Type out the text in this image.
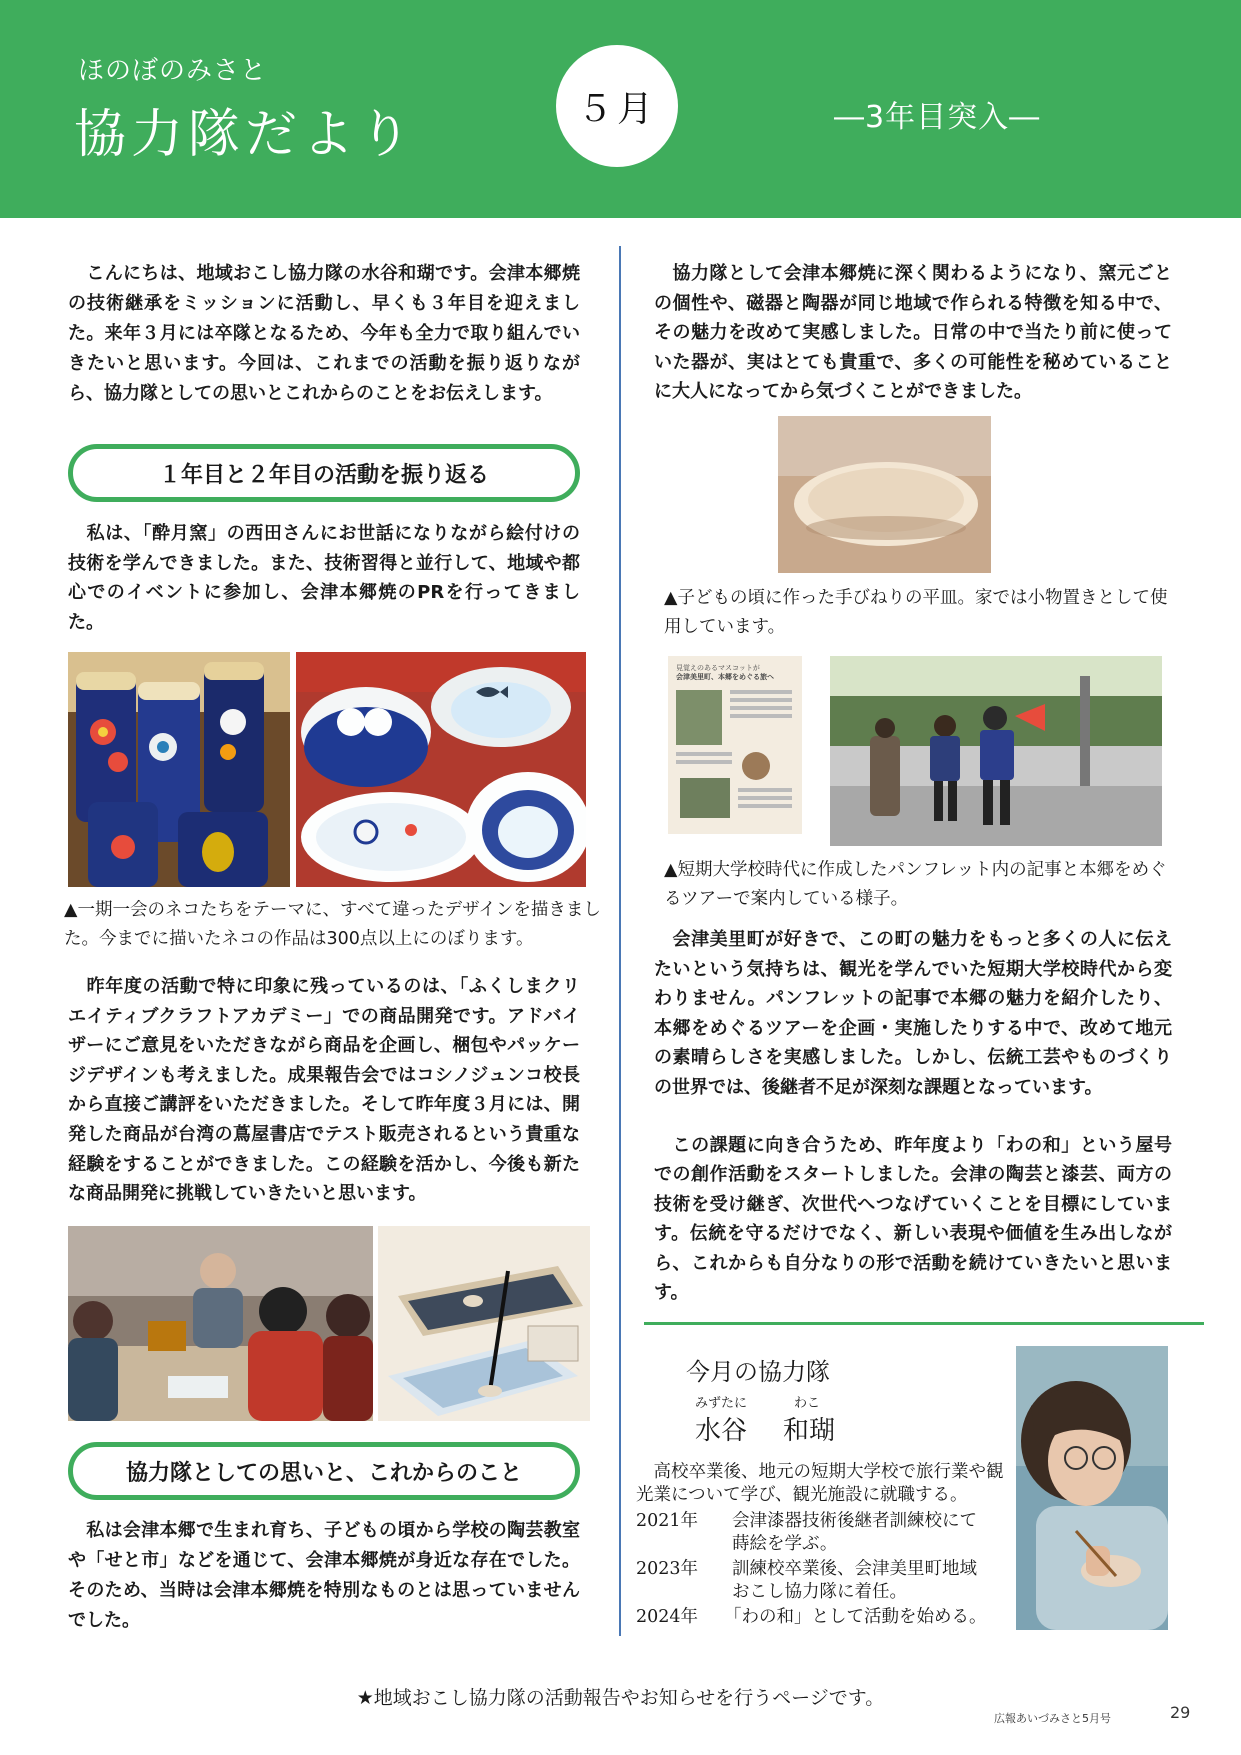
ほのぼのみさと
協力隊だより	５月	―3年目突入―
　こんにちは、地域おこし協力隊の水谷和瑚です。会津本郷焼の技術継承をミッションに活動し、早くも３年目を迎えました。来年３月には卒隊となるため、今年も全力で取り組んでいきたいと思います。今回は、これまでの活動を振り返りながら、協力隊としての思いとこれからのことをお伝えします。
１年目と２年目の活動を振り返る
　私は、「酔月窯」の西田さんにお世話になりながら絵付けの技術を学んできました。また、技術習得と並行して、地域や都心でのイベントに参加し、会津本郷焼のPRを行ってきました。
▲一期一会のネコたちをテーマに、すべて違ったデザインを描きました。今までに描いたネコの作品は300点以上にのぼります。
　昨年度の活動で特に印象に残っているのは、「ふくしまクリエイティブクラフトアカデミー」での商品開発です。アドバイザーにご意見をいただきながら商品を企画し、梱包やパッケージデザインも考えました。成果報告会ではコシノジュンコ校長から直接ご講評をいただきました。そして昨年度３月には、開発した商品が台湾の蔦屋書店でテスト販売されるという貴重な経験をすることができました。この経験を活かし、今後も新たな商品開発に挑戦していきたいと思います。
協力隊としての思いと、これからのこと
　私は会津本郷で生まれ育ち、子どもの頃から学校の陶芸教室や「せと市」などを通じて、会津本郷焼が身近な存在でした。そのため、当時は会津本郷焼を特別なものとは思っていませんでした。
　協力隊として会津本郷焼に深く関わるようになり、窯元ごとの個性や、磁器と陶器が同じ地域で作られる特徴を知る中で、その魅力を改めて実感しました。日常の中で当たり前に使っていた器が、実はとても貴重で、多くの可能性を秘めていることに大人になってから気づくことができました。
▲子どもの頃に作った手びねりの平皿。家では小物置きとして使用しています。
見覚えのあるマスコットが
会津美里町、本郷をめぐる旅へ
▲短期大学校時代に作成したパンフレット内の記事と本郷をめぐるツアーで案内している様子。
　会津美里町が好きで、この町の魅力をもっと多くの人に伝えたいという気持ちは、観光を学んでいた短期大学校時代から変わりません。パンフレットの記事で本郷の魅力を紹介したり、本郷をめぐるツアーを企画・実施したりする中で、改めて地元の素晴らしさを実感しました。しかし、伝統工芸やものづくりの世界では、後継者不足が深刻な課題となっています。
　この課題に向き合うため、昨年度より「わの和」という屋号での創作活動をスタートしました。会津の陶芸と漆芸、両方の技術を受け継ぎ、次世代へつなげていくことを目標にしています。伝統を守るだけでなく、新しい表現や価値を生み出しながら、これからも自分なりの形で活動を続けていきたいと思います。
今月の協力隊
みずたに	わこ
水谷 和瑚
　高校卒業後、地元の短期大学校で旅行業や観光業について学び、観光施設に就職する。
2021年	会津漆器技術後継者訓練校にて
蒔絵を学ぶ。
2023年	訓練校卒業後、会津美里町地域
おこし協力隊に着任。
2024年	「わの和」として活動を始める。
★地域おこし協力隊の活動報告やお知らせを行うページです。
広報あいづみさと5月号	29
